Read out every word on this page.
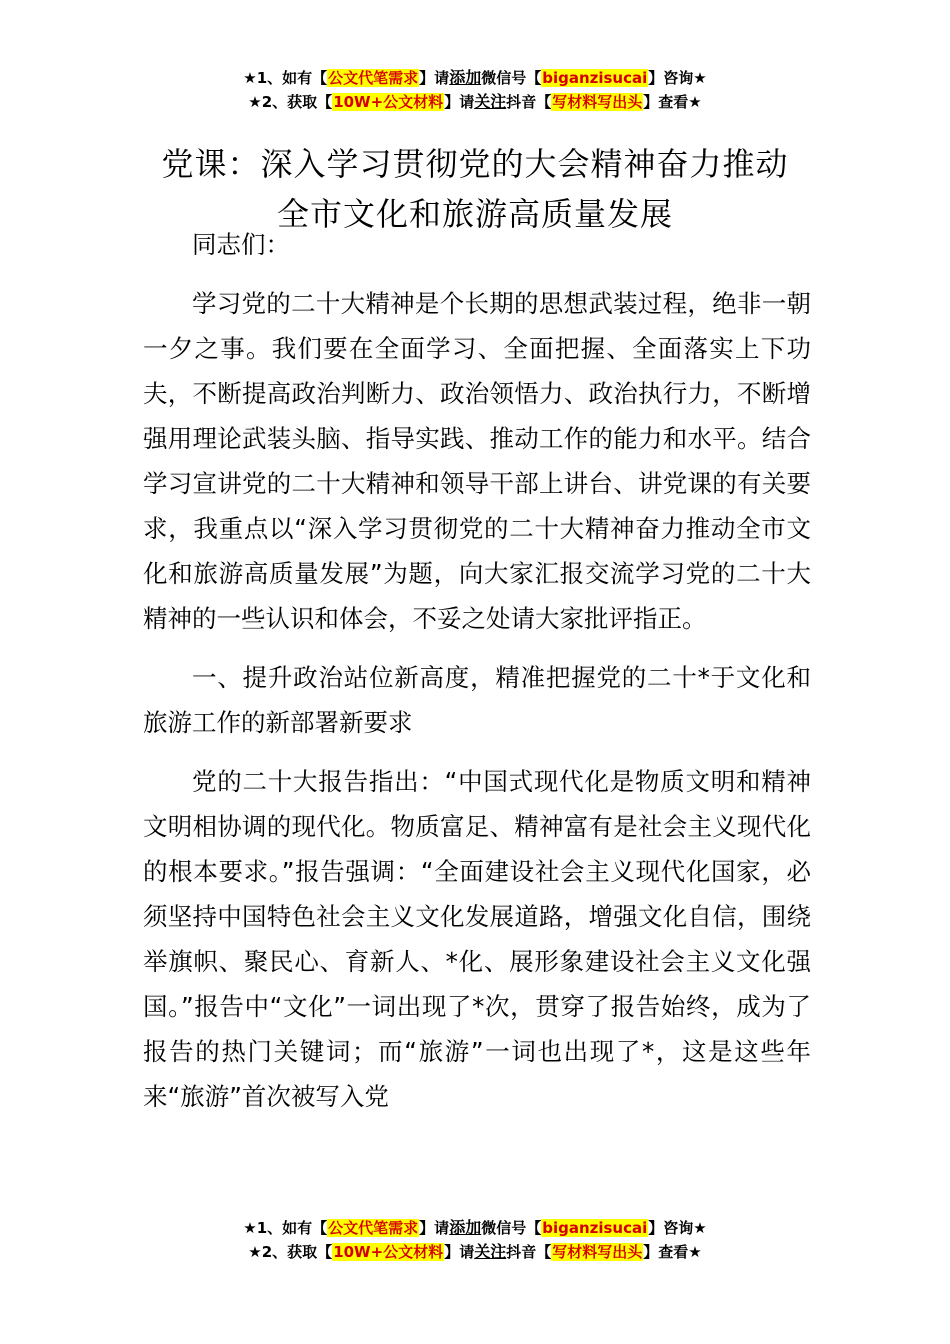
★1、如有【公文代笔需求】请添加微信号【biganzisucai】咨询★
★2、获取【10W+公文材料】请关注抖音【写材料写出头】查看★
党课：深入学习贯彻党的大会精神奋力推动
全市文化和旅游高质量发展

同志们：

学习党的二十大精神是个长期的思想武装过程，绝非一朝一夕之事。我们要在全面学习、全面把握、全面落实上下功夫，不断提高政治判断力、政治领悟力、政治执行力，不断增强用理论武装头脑、指导实践、推动工作的能力和水平。结合学习宣讲党的二十大精神和领导干部上讲台、讲党课的有关要求，我重点以“深入学习贯彻党的二十大精神奋力推动全市文化和旅游高质量发展”为题，向大家汇报交流学习党的二十大精神的一些认识和体会，不妥之处请大家批评指正。

一、提升政治站位新高度，精准把握党的二十*于文化和旅游工作的新部署新要求

党的二十大报告指出：“中国式现代化是物质文明和精神文明相协调的现代化。物质富足、精神富有是社会主义现代化的根本要求。”报告强调：“全面建设社会主义现代化国家，必须坚持中国特色社会主义文化发展道路，增强文化自信，围绕举旗帜、聚民心、育新人、*化、展形象建设社会主义文化强国。”报告中“文化”一词出现了*次，贯穿了报告始终，成为了报告的热门关键词；而“旅游”一词也出现了*，这是这些年来“旅游”首次被写入党

★1、如有【公文代笔需求】请添加微信号【biganzisucai】咨询★
★2、获取【10W+公文材料】请关注抖音【写材料写出头】查看★
